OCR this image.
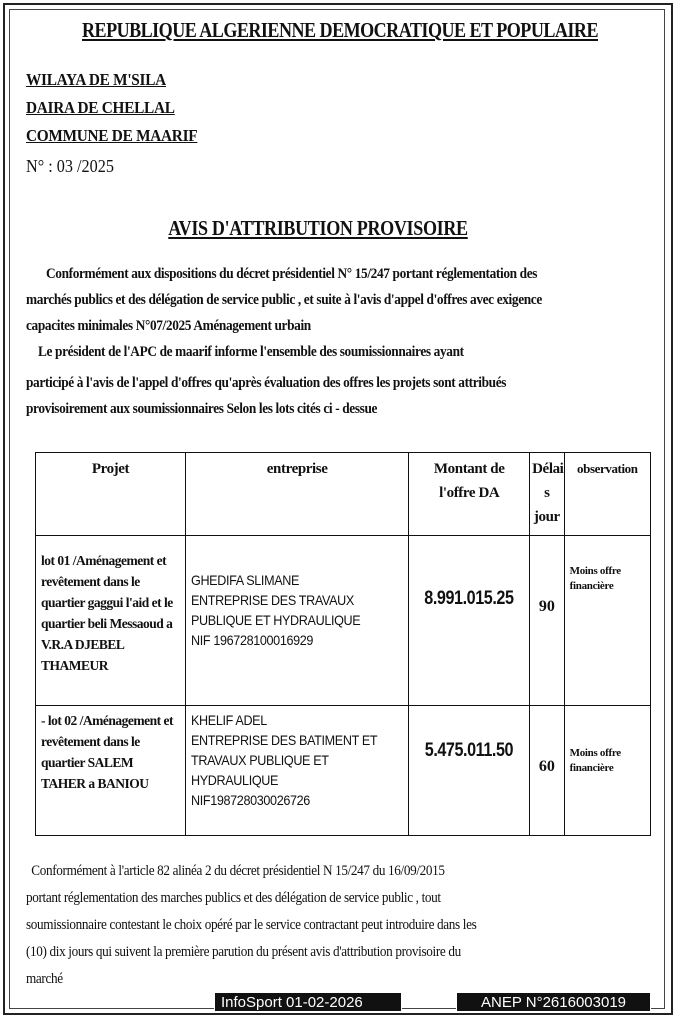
REPUBLIQUE ALGERIENNE DEMOCRATIQUE ET POPULAIRE
WILAYA DE M'SILA
DAIRA DE CHELLAL
COMMUNE DE MAARIF
N° : 03 /2025
AVIS D'ATTRIBUTION PROVISOIRE
Conformément aux dispositions du décret présidentiel N° 15/247 portant réglementation des
marchés publics et des délégation de service public , et suite à l'avis d'appel d'offres avec exigence
capacites minimales N°07/2025 Aménagement urbain
Le président de l'APC de maarif informe l'ensemble des soumissionnaires ayant
participé à l'avis de l'appel d'offres qu'après évaluation des offres les projets sont attribués
provisoirement aux soumissionnaires Selon les lots cités ci - dessue
Projet	entreprise	Montant de l'offre DA	Délai s jour	observation

lot 01 /Aménagement et revêtement dans le quartier gaggui l'aid et le quartier beli Messaoud a V.R.A DJEBEL THAMEUR	GHEDIFA SLIMANE
ENTREPRISE DES TRAVAUX
PUBLIQUE ET HYDRAULIQUE
NIF 196728100016929	8.991.015.25	90	Moins offre financière

- lot 02 /Aménagement et revêtement dans le quartier SALEM TAHER a BANIOU	KHELIF ADEL
ENTREPRISE DES BATIMENT ET
TRAVAUX PUBLIQUE ET
HYDRAULIQUE
NIF198728030026726	5.475.011.50	60	Moins offre financière
Conformément à l'article 82 alinéa 2 du décret présidentiel N 15/247 du 16/09/2015
portant réglementation des marches publics et des délégation de service public , tout
soumissionnaire contestant le choix opéré par le service contractant peut introduire dans les
(10) dix jours qui suivent la première parution du présent avis d'attribution provisoire du
marché
InfoSport 01-02-2026	ANEP N°2616003019
